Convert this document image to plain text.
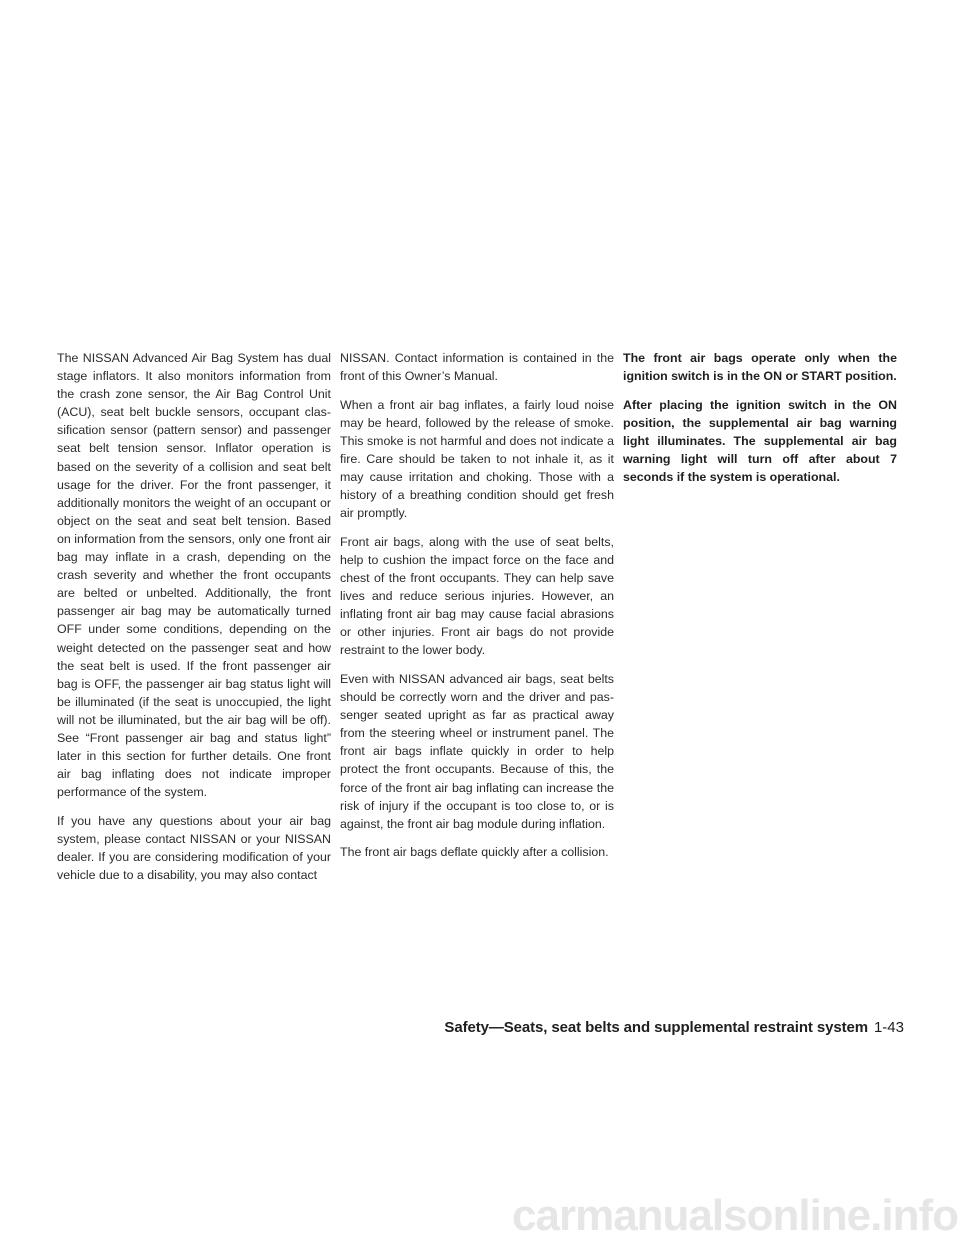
The NISSAN Advanced Air Bag System has dual stage inflators. It also monitors information from the crash zone sensor, the Air Bag Control Unit (ACU), seat belt buckle sensors, occupant classification sensor (pattern sensor) and passenger seat belt tension sensor. Inflator operation is based on the severity of a collision and seat belt usage for the driver. For the front passenger, it additionally monitors the weight of an occupant or object on the seat and seat belt tension. Based on information from the sensors, only one front air bag may inflate in a crash, depending on the crash severity and whether the front occupants are belted or unbelted. Additionally, the front passenger air bag may be automatically turned OFF under some conditions, depending on the weight detected on the passenger seat and how the seat belt is used. If the front passenger air bag is OFF, the passenger air bag status light will be illuminated (if the seat is unoccupied, the light will not be illuminated, but the air bag will be off). See “Front passenger air bag and status light” later in this section for further details. One front air bag inflating does not indicate improper performance of the system.

If you have any questions about your air bag system, please contact NISSAN or your NISSAN dealer. If you are considering modification of your vehicle due to a disability, you may also contact

NISSAN. Contact information is contained in the front of this Owner’s Manual.

When a front air bag inflates, a fairly loud noise may be heard, followed by the release of smoke. This smoke is not harmful and does not indicate a fire. Care should be taken to not inhale it, as it may cause irritation and choking. Those with a history of a breathing condition should get fresh air promptly.

Front air bags, along with the use of seat belts, help to cushion the impact force on the face and chest of the front occupants. They can help save lives and reduce serious injuries. However, an inflating front air bag may cause facial abrasions or other injuries. Front air bags do not provide restraint to the lower body.

Even with NISSAN advanced air bags, seat belts should be correctly worn and the driver and passenger seated upright as far as practical away from the steering wheel or instrument panel. The front air bags inflate quickly in order to help protect the front occupants. Because of this, the force of the front air bag inflating can increase the risk of injury if the occupant is too close to, or is against, the front air bag module during inflation.

The front air bags deflate quickly after a collision.

The front air bags operate only when the ignition switch is in the ON or START position.

After placing the ignition switch in the ON position, the supplemental air bag warning light illuminates. The supplemental air bag warning light will turn off after about 7 seconds if the system is operational.

Safety—Seats, seat belts and supplemental restraint system 1-43
carmanualsonline.info
